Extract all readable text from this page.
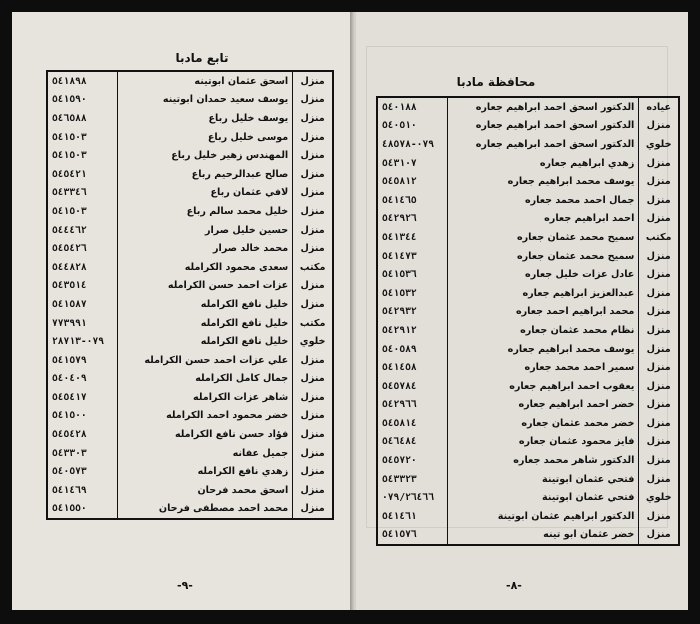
تابع مادبا
منزل	اسحق عثمان ابوتينه	٥٤١٨٩٨
منزل	يوسف سعيد حمدان ابوتينه	٥٤١٥٩٠
منزل	يوسف خليل رباع	٥٤٦٥٨٨
منزل	موسى خليل رباع	٥٤١٥٠٣
منزل	المهندس زهير خليل رباع	٥٤١٥٠٣
منزل	صالح عبدالرحيم رباع	٥٤٥٤٢١
منزل	لافي عثمان رباع	٥٤٣٣٤٦
منزل	خليل محمد سالم رباع	٥٤١٥٠٣
منزل	حسين خليل صرار	٥٤٤٤٦٢
منزل	محمد خالد صرار	٥٤٥٤٢٦
مكتب	سعدى محمود الكرامله	٥٤٤٨٢٨
منزل	عزات احمد حسن الكرامله	٥٤٣٥١٤
منزل	خليل نافع الكرامله	٥٤١٥٨٧
مكتب	خليل نافع الكرامله	٧٧٣٩٩١
خلوي	خليل نافع الكرامله	٠٧٩-٢٨٧١٣
منزل	علي عزات احمد حسن الكرامله	٥٤١٥٧٩
منزل	جمال كامل الكرامله	٥٤٠٤٠٩
منزل	شاهر عزات الكرامله	٥٤٥٤١٧
منزل	خضر محمود احمد الكرامله	٥٤١٥٠٠
منزل	فؤاد حسن نافع الكرامله	٥٤٥٤٢٨
منزل	جميل عفانه	٥٤٣٣٠٣
منزل	زهدي نافع الكرامله	٥٤٠٥٧٣
منزل	اسحق محمد فرحان	٥٤١٤٦٩
منزل	محمد احمد مصطفى فرحان	٥٤١٥٥٠
-٩-
محافظة مادبا
عياده	الدكتور اسحق احمد ابراهيم جعاره	٥٤٠١٨٨
منزل	الدكتور اسحق احمد ابراهيم جعاره	٥٤٠٥١٠
خلوي	الدكتور اسحق احمد ابراهيم جعاره	٠٧٩-٤٨٥٧٨
منزل	زهدي ابراهيم جعاره	٥٤٣١٠٧
منزل	يوسف محمد ابراهيم جعاره	٥٤٥٨١٢
منزل	جمال احمد محمد جعاره	٥٤١٤٦٥
منزل	احمد ابراهيم جعاره	٥٤٢٩٢٦
مكتب	سميح محمد عثمان جعاره	٥٤١٣٤٤
منزل	سميح محمد عثمان جعاره	٥٤١٤٧٣
منزل	عادل عزات خليل جعاره	٥٤١٥٣٦
منزل	عبدالعزيز ابراهيم جعاره	٥٤١٥٣٢
منزل	محمد ابراهيم احمد جعاره	٥٤٢٩٣٢
منزل	نظام محمد عثمان جعاره	٥٤٢٩١٢
منزل	يوسف محمد ابراهيم جعاره	٥٤٠٥٨٩
منزل	سمير احمد محمد جعاره	٥٤١٤٥٨
منزل	يعقوب احمد ابراهيم جعاره	٥٤٥٧٨٤
منزل	خضر احمد ابراهيم جعاره	٥٤٢٩٦٦
منزل	خضر محمد عثمان جعاره	٥٤٥٨١٤
منزل	فايز محمود عثمان جعاره	٥٤٦٤٨٤
منزل	الدكتور شاهر محمد جعاره	٥٤٥٧٢٠
منزل	فتحي عثمان ابوتينة	٥٤٣٣٢٣
خلوي	فتحي عثمان ابوتينة	٠٧٩/٢٦٤٦٦
منزل	الدكتور ابراهيم عثمان ابوتينة	٥٤١٤٦١
منزل	خضر عثمان ابو تينه	٥٤١٥٧٦
-٨-
